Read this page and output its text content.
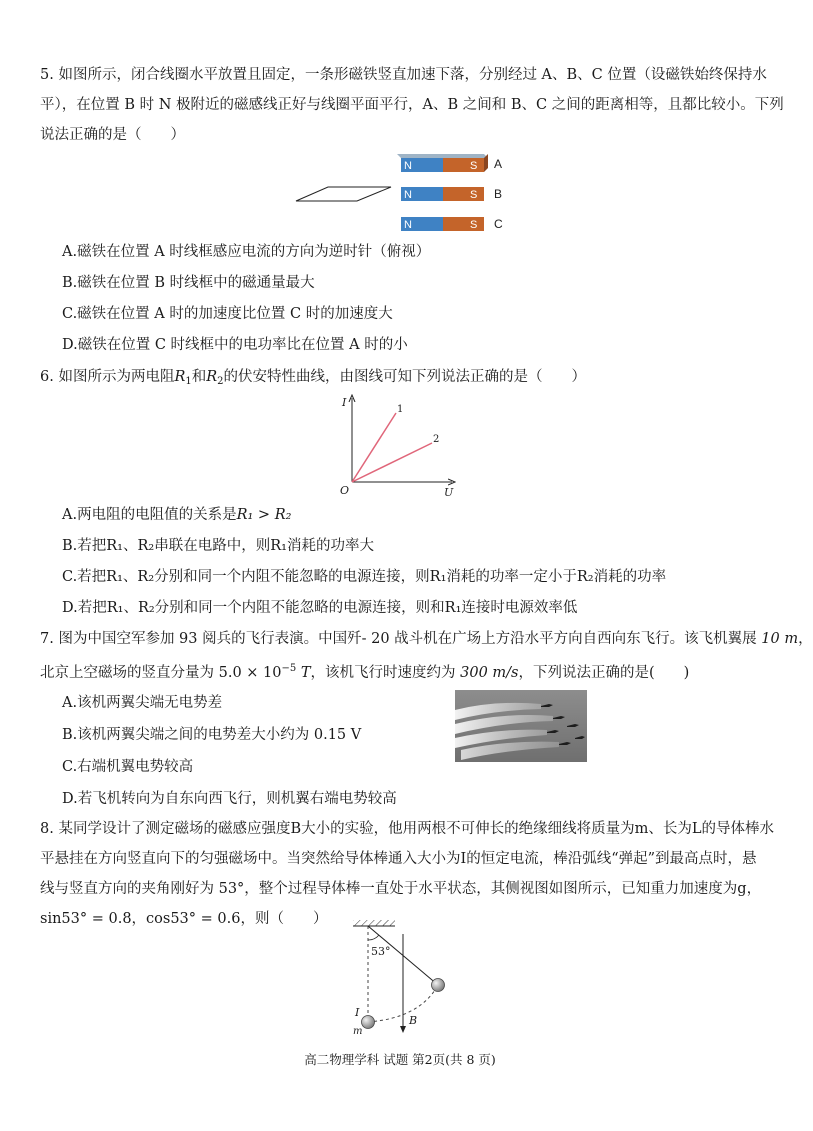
5. 如图所示，闭合线圈水平放置且固定，一条形磁铁竖直加速下落，分别经过 A、B、C 位置（设磁铁始终保持水
平），在位置 B 时 N 极附近的磁感线正好与线圈平面平行，A、B 之间和 B、C 之间的距离相等，且都比较小。下列
说法正确的是（　　）
N	S
N	S
N	S
A
B
C
A.磁铁在位置 A 时线框感应电流的方向为逆时针（俯视）
B.磁铁在位置 B 时线框中的磁通量最大
C.磁铁在位置 A 时的加速度比位置 C 时的加速度大
D.磁铁在位置 C 时线框中的电功率比在位置 A 时的小
6. 如图所示为两电阻$R_1$和$R_2$的伏安特性曲线，由图线可知下列说法正确的是（　　）
I
U
O
1
2
A.两电阻的电阻值的关系是R₁ > R₂
B.若把R₁、R₂串联在电路中，则R₁消耗的功率大
C.若把R₁、R₂分别和同一个内阻不能忽略的电源连接，则R₁消耗的功率一定小于R₂消耗的功率
D.若把R₁、R₂分别和同一个内阻不能忽略的电源连接，则和R₁连接时电源效率低
7. 图为中国空军参加 93 阅兵的飞行表演。中国歼- 20 战斗机在广场上方沿水平方向自西向东飞行。该飞机翼展 10 m，
北京上空磁场的竖直分量为 $5.0 \times 10^{-5}$ T，该机飞行时速度约为 300 m/s，下列说法正确的是(　　)
A.该机两翼尖端无电势差
B.该机两翼尖端之间的电势差大小约为 0.15 V
C.右端机翼电势较高
D.若飞机转向为自东向西飞行，则机翼右端电势较高
8. 某同学设计了测定磁场的磁感应强度B大小的实验，他用两根不可伸长的绝缘细线将质量为m、长为L的导体棒水
平悬挂在方向竖直向下的匀强磁场中。当突然给导体棒通入大小为I的恒定电流，棒沿弧线“弹起”到最高点时，悬
线与竖直方向的夹角刚好为 53°，整个过程导体棒一直处于水平状态，其侧视图如图所示，已知重力加速度为g，
sin53° = 0.8，cos53° = 0.6，则（　　）
53°
I
m
B
高二物理学科 试题 第2页(共 8 页)
